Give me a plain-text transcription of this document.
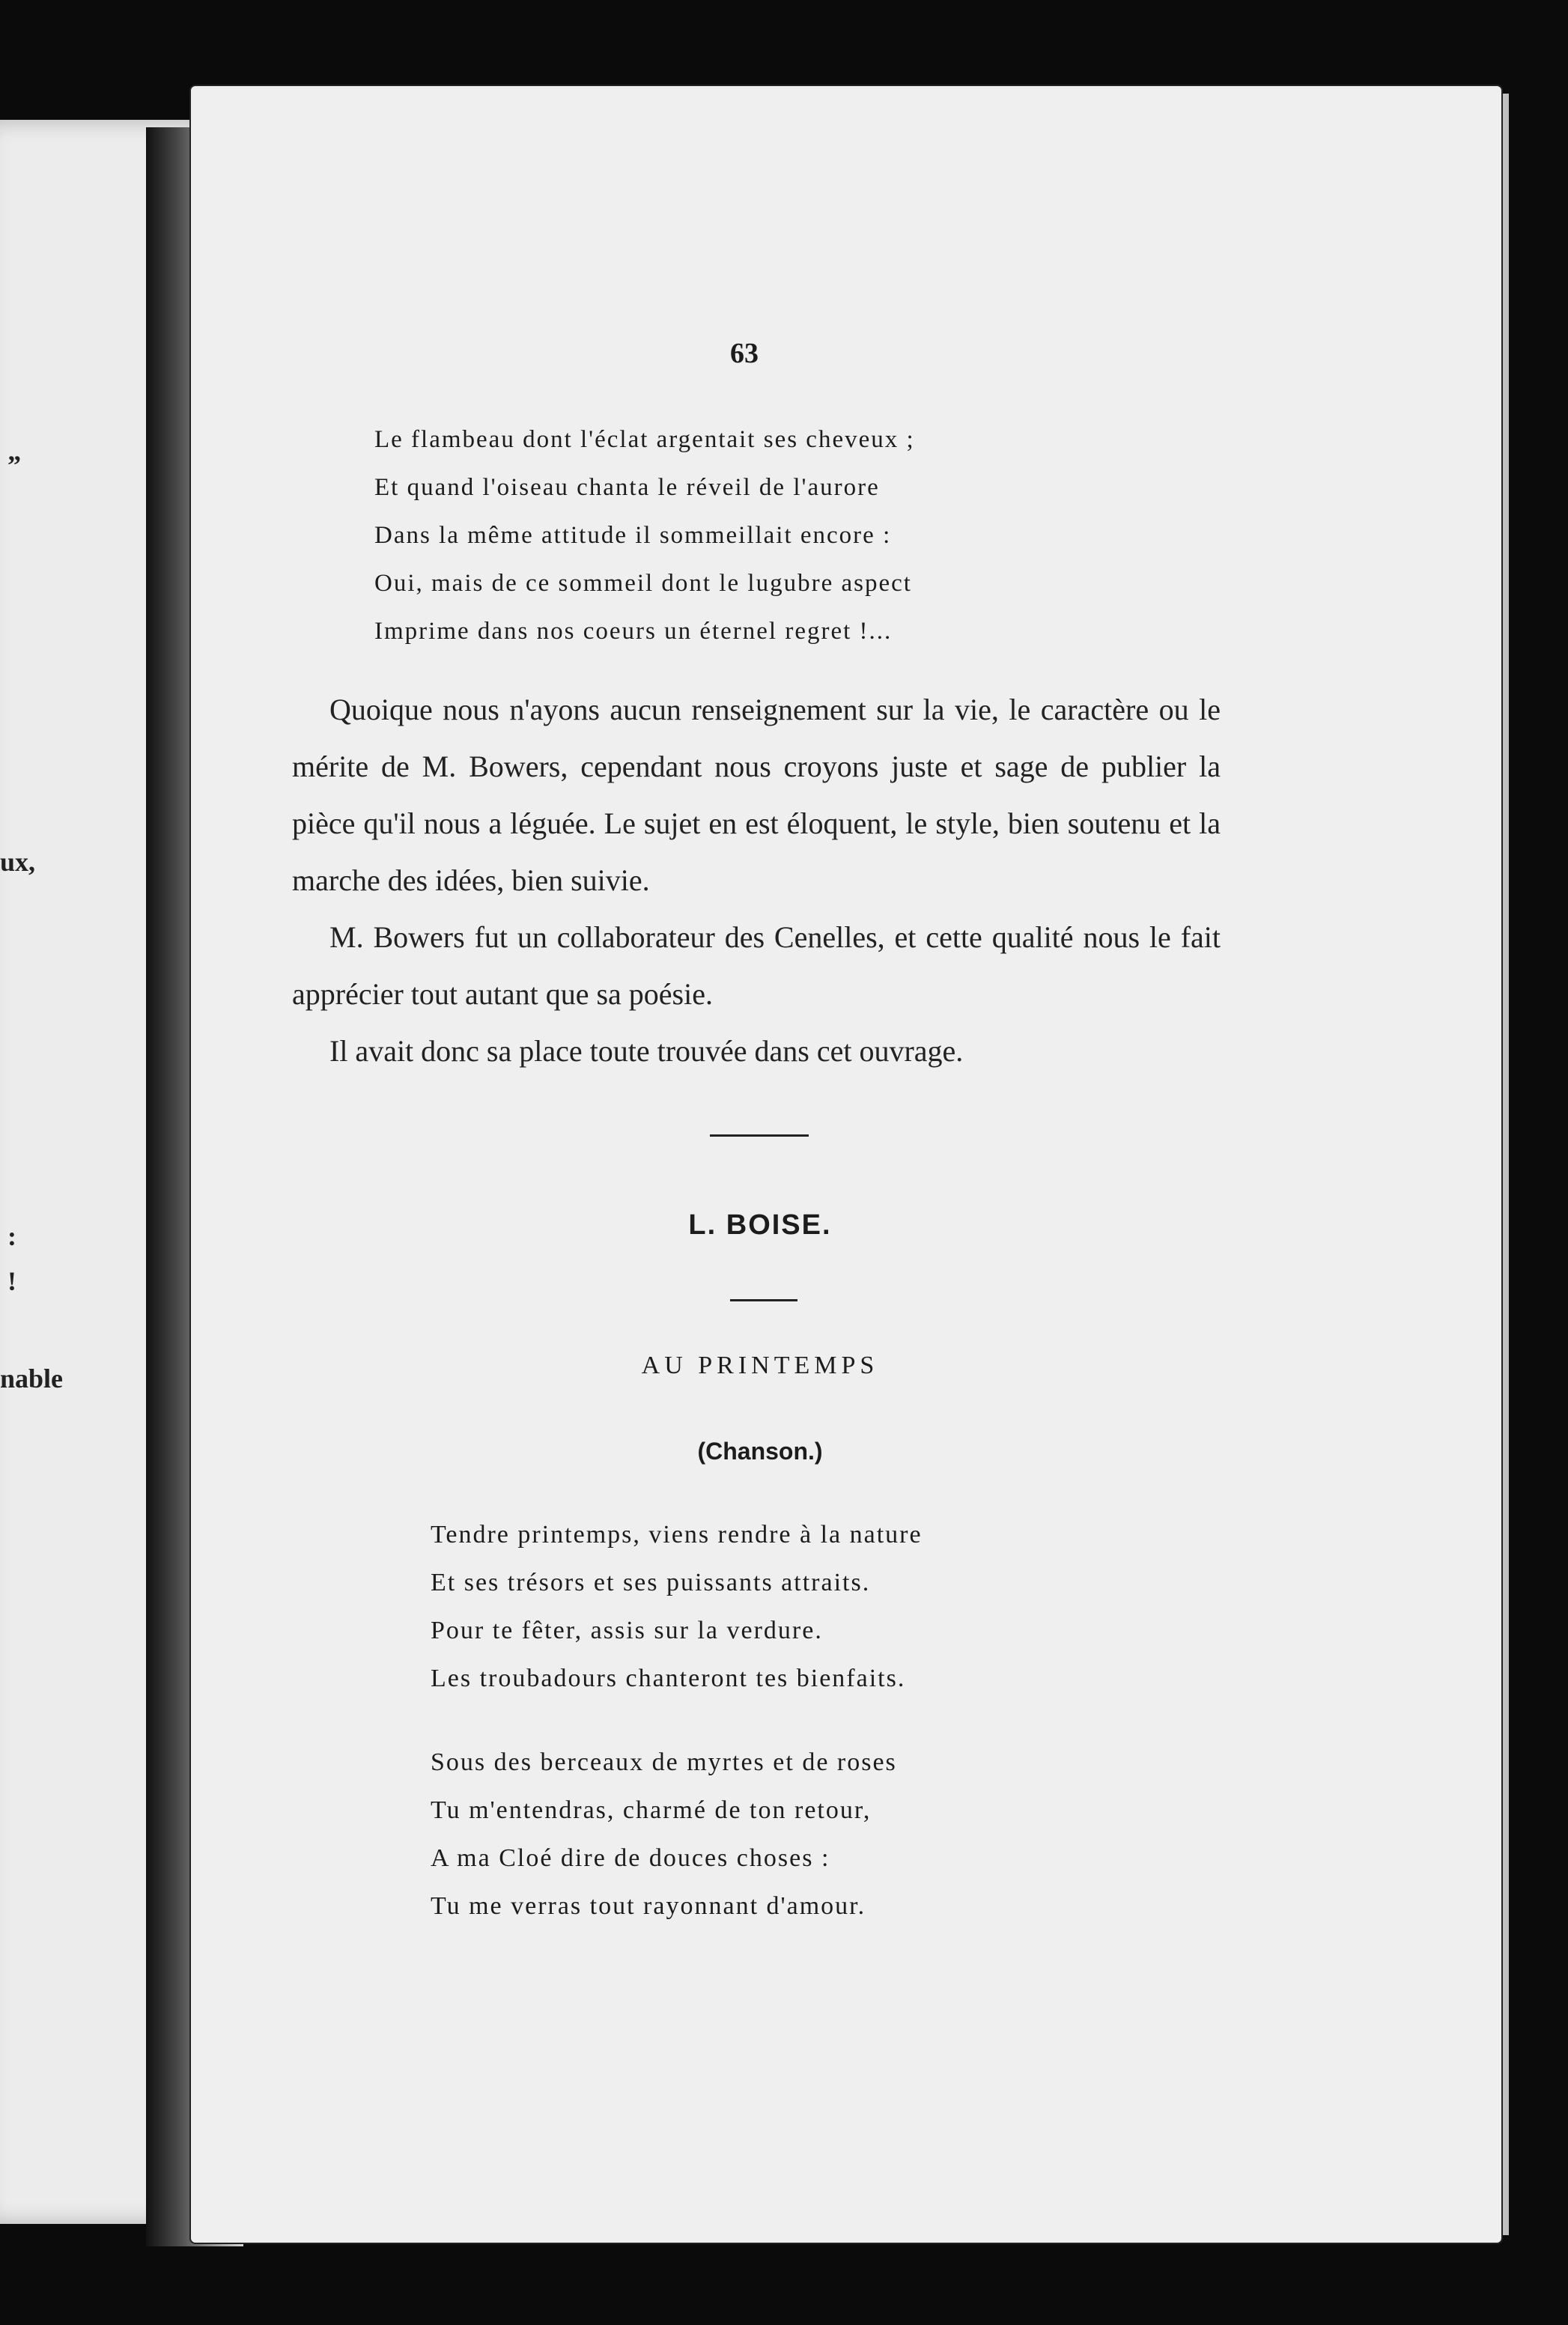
”
ux,
:
!
nable
63
Le flambeau dont l'éclat argentait ses cheveux ;
Et quand l'oiseau chanta le réveil de l'aurore
Dans la même attitude il sommeillait encore :
Oui, mais de ce sommeil dont le lugubre aspect
Imprime dans nos coeurs un éternel regret !...

Quoique nous n'ayons aucun renseignement sur la vie, le caractère ou le mérite de M. Bowers, cependant nous croyons juste et sage de publier la pièce qu'il nous a léguée. Le sujet en est éloquent, le style, bien soutenu et la marche des idées, bien suivie.

M. Bowers fut un collaborateur des Cenelles, et cette qualité nous le fait apprécier tout autant que sa poésie.

Il avait donc sa place toute trouvée dans cet ouvrage.

L. BOISE.
AU PRINTEMPS
(Chanson.)
Tendre printemps, viens rendre à la nature
Et ses trésors et ses puissants attraits.
Pour te fêter, assis sur la verdure.
Les troubadours chanteront tes bienfaits.
Sous des berceaux de myrtes et de roses
Tu m'entendras, charmé de ton retour,
A ma Cloé dire de douces choses :
Tu me verras tout rayonnant d'amour.
